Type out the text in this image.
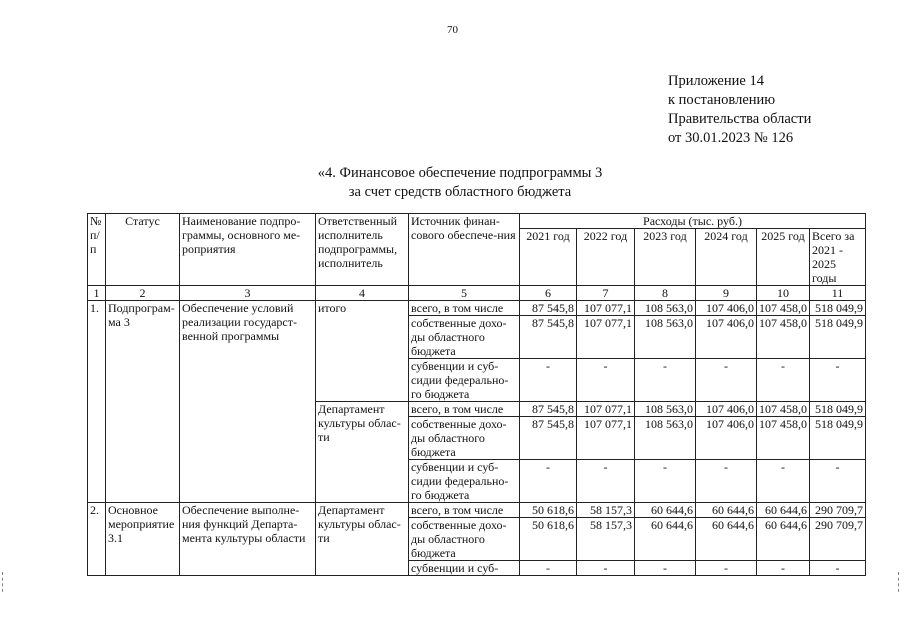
70
Приложение 14
к постановлению
Правительства области
от 30.01.2023 № 126
«4. Финансовое обеспечение подпрограммы 3
за счет средств областного бюджета
№ п/п	Статус	Наименование подпро-граммы, основного ме-роприятия	Ответственный исполнитель подпрограммы, исполнитель	Источник финан-сового обеспече-ния	Расходы (тыс. руб.)					
					2021 год	2022 год	2023 год	2024 год	2025 год	Всего за 2021 - 2025 годы
1	2	3	4	5	6	7	8	9	10	11
1.	Подпрограм-ма 3	Обеспечение условий реализации государст-венной программы	итого	всего, в том числе	87 545,8	107 077,1	108 563,0	107 406,0	107 458,0	518 049,9
				собственные дохо-ды областного бюджета	87 545,8	107 077,1	108 563,0	107 406,0	107 458,0	518 049,9
				субвенции и суб-сидии федерально-го бюджета	-	-	-	-	-	-
			Департамент культуры облас-ти	всего, в том числе	87 545,8	107 077,1	108 563,0	107 406,0	107 458,0	518 049,9
				собственные дохо-ды областного бюджета	87 545,8	107 077,1	108 563,0	107 406,0	107 458,0	518 049,9
				субвенции и суб-сидии федерально-го бюджета	-	-	-	-	-	-
2.	Основное мероприятие 3.1	Обеспечение выполне-ния функций Департа-мента культуры области	Департамент культуры облас-ти	всего, в том числе	50 618,6	58 157,3	60 644,6	60 644,6	60 644,6	290 709,7
				собственные дохо-ды областного бюджета	50 618,6	58 157,3	60 644,6	60 644,6	60 644,6	290 709,7
				субвенции и суб-	-	-	-	-	-	-
